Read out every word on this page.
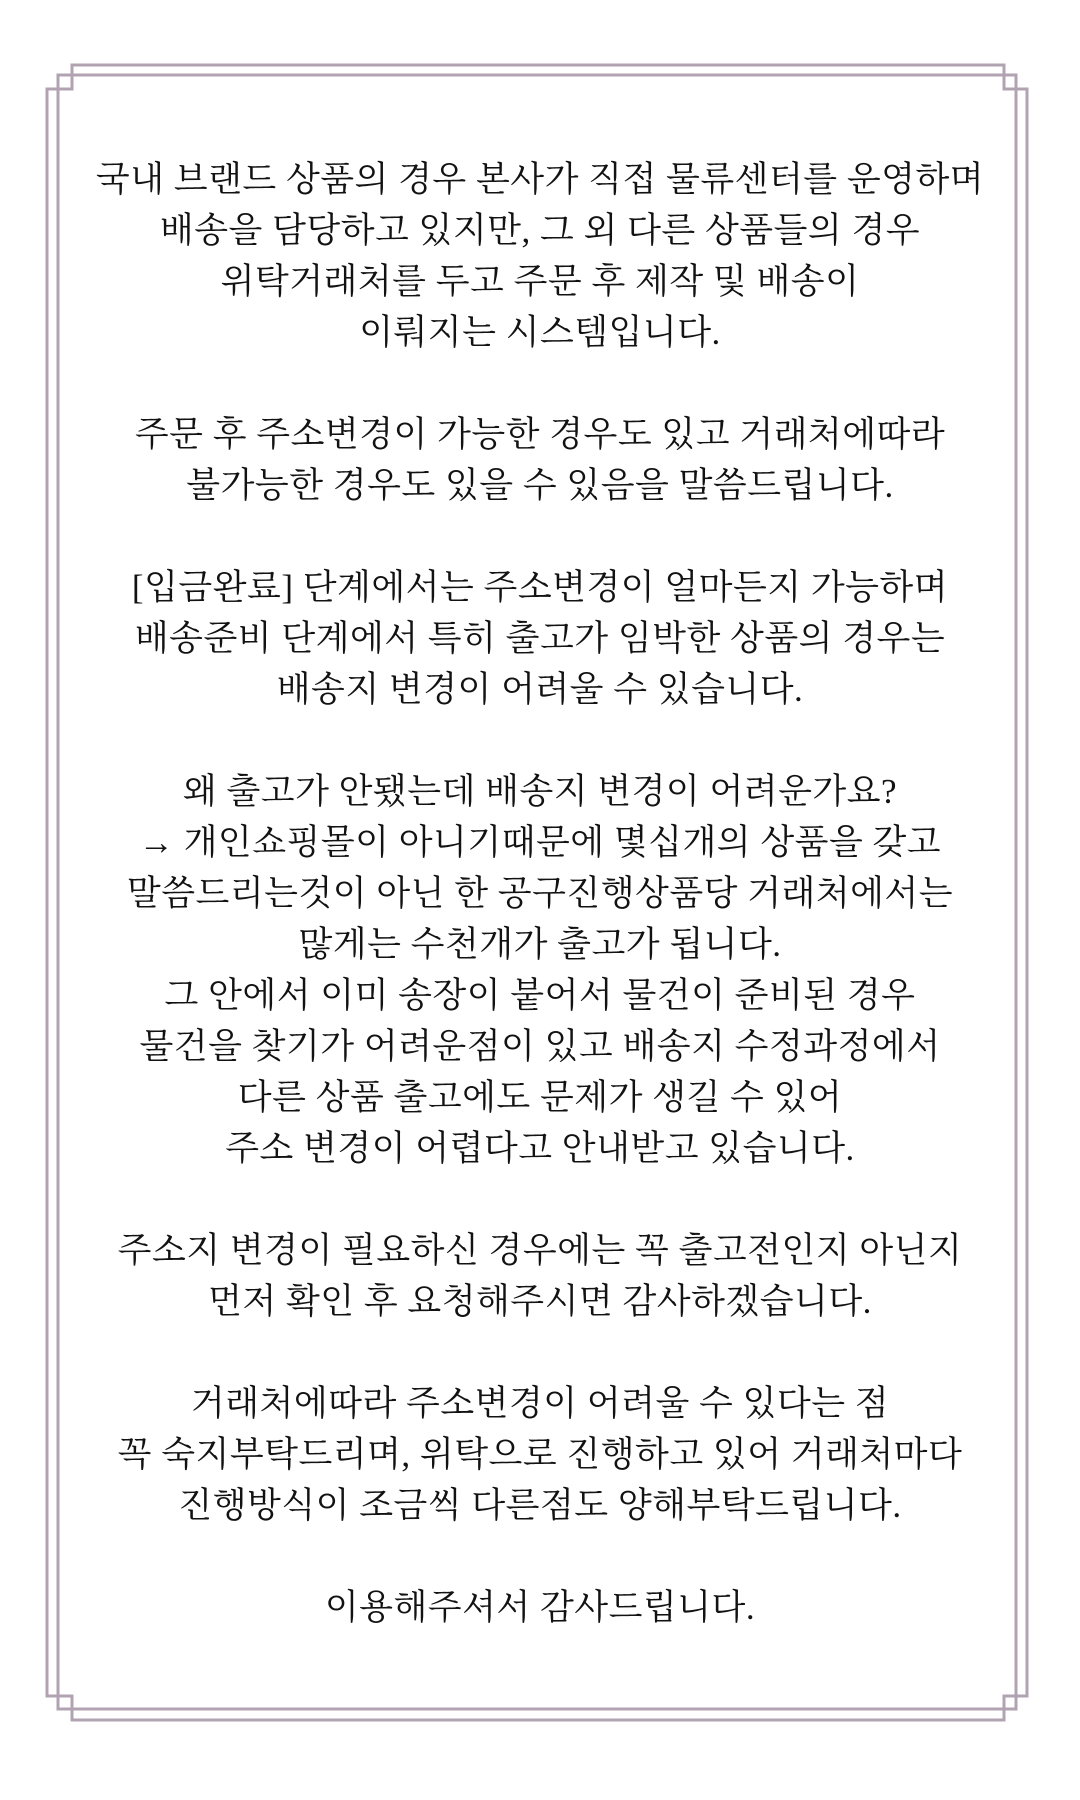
국내 브랜드 상품의 경우 본사가 직접 물류센터를 운영하며
배송을 담당하고 있지만, 그 외 다른 상품들의 경우
위탁거래처를 두고 주문 후 제작 및 배송이
이뤄지는 시스템입니다.

주문 후 주소변경이 가능한 경우도 있고 거래처에따라
불가능한 경우도 있을 수 있음을 말씀드립니다.

[입금완료] 단계에서는 주소변경이 얼마든지 가능하며
배송준비 단계에서 특히 출고가 임박한 상품의 경우는
배송지 변경이 어려울 수 있습니다.

왜 출고가 안됐는데 배송지 변경이 어려운가요?
→ 개인쇼핑몰이 아니기때문에 몇십개의 상품을 갖고
말씀드리는것이 아닌 한 공구진행상품당 거래처에서는
많게는 수천개가 출고가 됩니다.
그 안에서 이미 송장이 붙어서 물건이 준비된 경우
물건을 찾기가 어려운점이 있고 배송지 수정과정에서
다른 상품 출고에도 문제가 생길 수 있어
주소 변경이 어렵다고 안내받고 있습니다.

주소지 변경이 필요하신 경우에는 꼭 출고전인지 아닌지
먼저 확인 후 요청해주시면 감사하겠습니다.

거래처에따라 주소변경이 어려울 수 있다는 점
꼭 숙지부탁드리며, 위탁으로 진행하고 있어 거래처마다
진행방식이 조금씩 다른점도 양해부탁드립니다.

이용해주셔서 감사드립니다.
